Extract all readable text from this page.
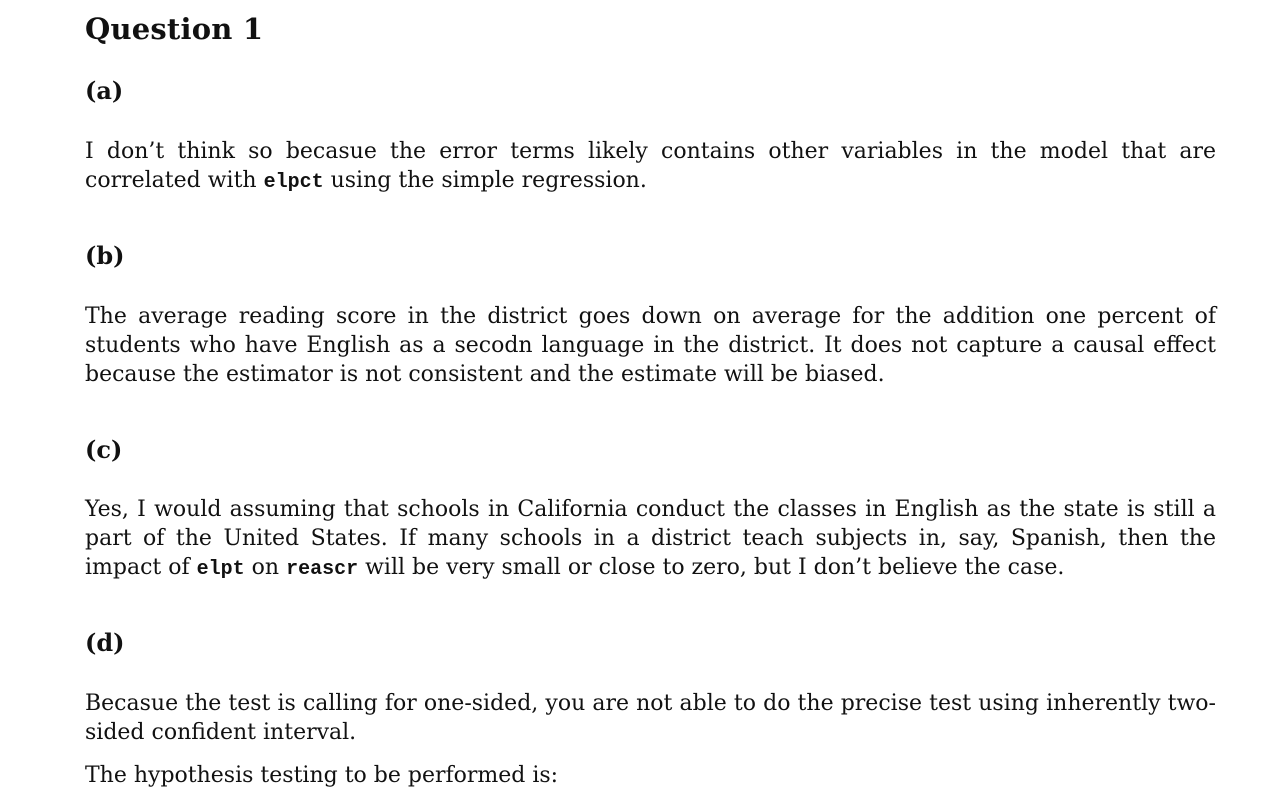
Question 1
(a)

I don’t think so becasue the error terms likely contains other variables in the model that are correlated with elpct using the simple regression.

(b)

The average reading score in the district goes down on average for the addition one percent of students who have English as a secodn language in the district. It does not capture a causal effect because the estimator is not consistent and the estimate will be biased.

(c)

Yes, I would assuming that schools in California conduct the classes in English as the state is still a part of the United States. If many schools in a district teach subjects in, say, Spanish, then the impact of elpt on reascr will be very small or close to zero, but I don’t believe the case.

(d)

Becasue the test is calling for one-sided, you are not able to do the precise test using inherently two-sided confident interval.

The hypothesis testing to be performed is:
